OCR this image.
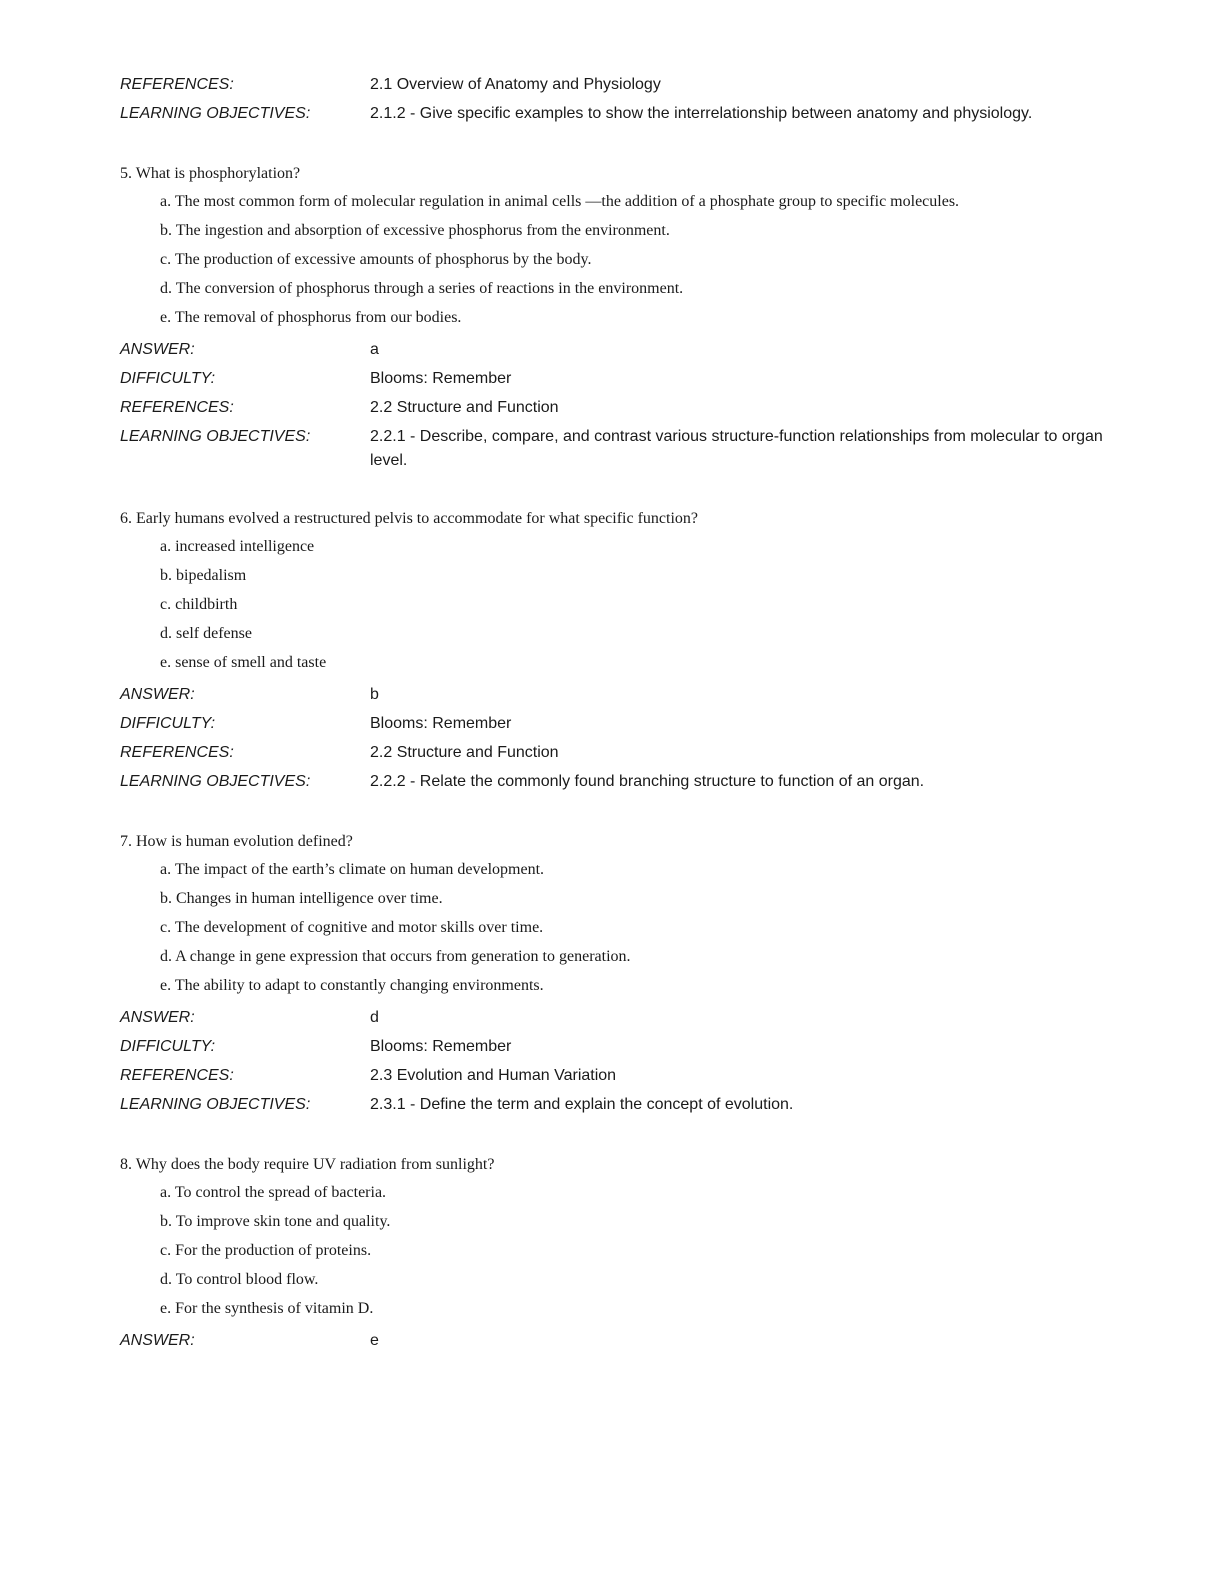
REFERENCES:	2.1 Overview of Anatomy and Physiology
LEARNING OBJECTIVES:	2.1.2 - Give specific examples to show the interrelationship between anatomy and physiology.
5. What is phosphorylation?
a. The most common form of molecular regulation in animal cells —the addition of a phosphate group to specific molecules.
b. The ingestion and absorption of excessive phosphorus from the environment.
c. The production of excessive amounts of phosphorus by the body.
d. The conversion of phosphorus through a series of reactions in the environment.
e. The removal of phosphorus from our bodies.
ANSWER:	a
DIFFICULTY:	Blooms: Remember
REFERENCES:	2.2 Structure and Function
LEARNING OBJECTIVES:	2.2.1 - Describe, compare, and contrast various structure-function relationships from molecular to organ level.
6. Early humans evolved a restructured pelvis to accommodate for what specific function?
a. increased intelligence
b. bipedalism
c. childbirth
d. self defense
e. sense of smell and taste
ANSWER:	b
DIFFICULTY:	Blooms: Remember
REFERENCES:	2.2 Structure and Function
LEARNING OBJECTIVES:	2.2.2 - Relate the commonly found branching structure to function of an organ.
7. How is human evolution defined?
a. The impact of the earth’s climate on human development.
b. Changes in human intelligence over time.
c. The development of cognitive and motor skills over time.
d. A change in gene expression that occurs from generation to generation.
e. The ability to adapt to constantly changing environments.
ANSWER:	d
DIFFICULTY:	Blooms: Remember
REFERENCES:	2.3 Evolution and Human Variation
LEARNING OBJECTIVES:	2.3.1 - Define the term and explain the concept of evolution.
8. Why does the body require UV radiation from sunlight?
a. To control the spread of bacteria.
b. To improve skin tone and quality.
c. For the production of proteins.
d. To control blood flow.
e. For the synthesis of vitamin D.
ANSWER:	e
